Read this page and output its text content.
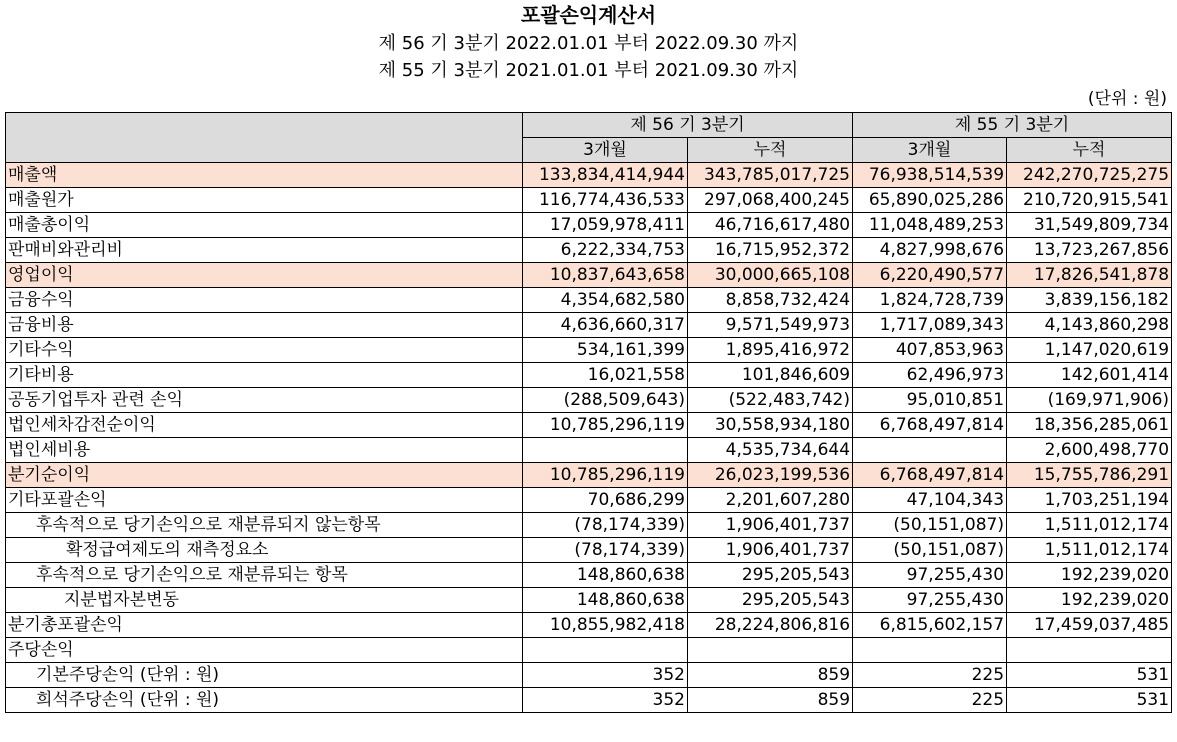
포괄손익계산서
제 56 기 3분기 2022.01.01 부터 2022.09.30 까지
제 55 기 3분기 2021.01.01 부터 2021.09.30 까지
(단위 : 원)
	제 56 기 3분기		제 55 기 3분기	
	3개월	누적	3개월	누적
매출액	133,834,414,944	343,785,017,725	76,938,514,539	242,270,725,275
매출원가	116,774,436,533	297,068,400,245	65,890,025,286	210,720,915,541
매출총이익	17,059,978,411	46,716,617,480	11,048,489,253	31,549,809,734
판매비와관리비	6,222,334,753	16,715,952,372	4,827,998,676	13,723,267,856
영업이익	10,837,643,658	30,000,665,108	6,220,490,577	17,826,541,878
금융수익	4,354,682,580	8,858,732,424	1,824,728,739	3,839,156,182
금융비용	4,636,660,317	9,571,549,973	1,717,089,343	4,143,860,298
기타수익	534,161,399	1,895,416,972	407,853,963	1,147,020,619
기타비용	16,021,558	101,846,609	62,496,973	142,601,414
공동기업투자 관련 손익	(288,509,643)	(522,483,742)	95,010,851	(169,971,906)
법인세차감전순이익	10,785,296,119	30,558,934,180	6,768,497,814	18,356,285,061
법인세비용		4,535,734,644		2,600,498,770
분기순이익	10,785,296,119	26,023,199,536	6,768,497,814	15,755,786,291
기타포괄손익	70,686,299	2,201,607,280	47,104,343	1,703,251,194
후속적으로 당기손익으로 재분류되지 않는항목	(78,174,339)	1,906,401,737	(50,151,087)	1,511,012,174
확정급여제도의 재측정요소	(78,174,339)	1,906,401,737	(50,151,087)	1,511,012,174
후속적으로 당기손익으로 재분류되는 항목	148,860,638	295,205,543	97,255,430	192,239,020
지분법자본변동	148,860,638	295,205,543	97,255,430	192,239,020
분기총포괄손익	10,855,982,418	28,224,806,816	6,815,602,157	17,459,037,485
주당손익				
기본주당손익 (단위 : 원)	352	859	225	531
희석주당손익 (단위 : 원)	352	859	225	531
